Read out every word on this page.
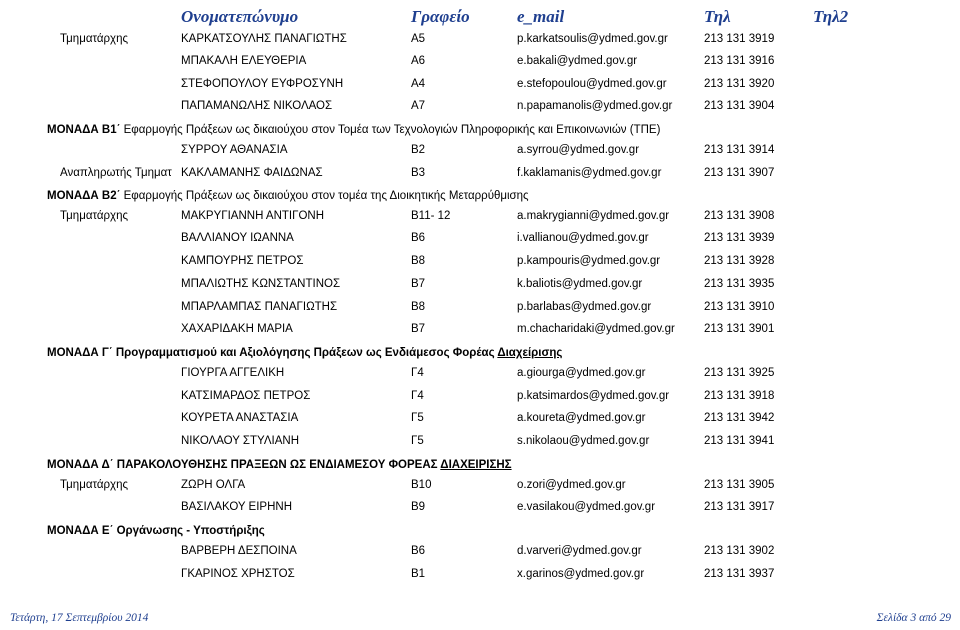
Ονοματεπώνυμο	Γραφείο	e_mail	Τηλ	Τηλ2
Τμηματάρχης	ΚΑΡΚΑΤΣΟΥΛΗΣ ΠΑΝΑΓΙΩΤΗΣ	Α5	p.karkatsoulis@ydmed.gov.gr	213 131 3919
ΜΠΑΚΑΛΗ ΕΛΕΥΘΕΡΙΑ	Α6	e.bakali@ydmed.gov.gr	213 131 3916
ΣΤΕΦΟΠΟΥΛΟΥ ΕΥΦΡΟΣΥΝΗ	Α4	e.stefopoulou@ydmed.gov.gr	213 131 3920
ΠΑΠΑΜΑΝΩΛΗΣ ΝΙΚΟΛΑΟΣ	Α7	n.papamanolis@ydmed.gov.gr	213 131 3904
ΜΟΝΑΔΑ Β1΄ Εφαρμογής Πράξεων ως δικαιούχου στον Τομέα των Τεχνολογιών Πληροφορικής και Επικοινωνιών (ΤΠΕ)
ΣΥΡΡΟΥ ΑΘΑΝΑΣΙΑ	Β2	a.syrrou@ydmed.gov.gr	213 131 3914
Αναπληρωτής Τμηματ ΚΑΚΛΑΜΑΝΗΣ ΦΑΙΔΩΝΑΣ	Β3	f.kaklamanis@ydmed.gov.gr	213 131 3907
ΜΟΝΑΔΑ Β2΄ Εφαρμογής Πράξεων ως δικαιούχου στον τομέα της Διοικητικής Μεταρρύθμισης
Τμηματάρχης	ΜΑΚΡΥΓΙΑΝΝΗ ΑΝΤΙΓΟΝΗ	Β11- 12	a.makrygianni@ydmed.gov.gr	213 131 3908
ΒΑΛΛΙΑΝΟΥ ΙΩΑΝΝΑ	Β6	i.vallianou@ydmed.gov.gr	213 131 3939
ΚΑΜΠΟΥΡΗΣ ΠΕΤΡΟΣ	Β8	p.kampouris@ydmed.gov.gr	213 131 3928
ΜΠΑΛΙΩΤΗΣ ΚΩΝΣΤΑΝΤΙΝΟΣ	Β7	k.baliotis@ydmed.gov.gr	213 131 3935
ΜΠΑΡΛΑΜΠΑΣ ΠΑΝΑΓΙΩΤΗΣ	Β8	p.barlabas@ydmed.gov.gr	213 131 3910
ΧΑΧΑΡΙΔΑΚΗ ΜΑΡΙΑ	Β7	m.chacharidaki@ydmed.gov.gr	213 131 3901
ΜΟΝΑΔΑ Γ΄ Προγραμματισμού και Αξιολόγησης Πράξεων ως Ενδιάμεσος Φορέας Διαχείρισης
ΓΙΟΥΡΓΑ ΑΓΓΕΛΙΚΗ	Γ4	a.giourga@ydmed.gov.gr	213 131 3925
ΚΑΤΣΙΜΑΡΔΟΣ ΠΕΤΡΟΣ	Γ4	p.katsimardos@ydmed.gov.gr	213 131 3918
ΚΟΥΡΕΤΑ ΑΝΑΣΤΑΣΙΑ	Γ5	a.koureta@ydmed.gov.gr	213 131 3942
ΝΙΚΟΛΑΟΥ ΣΤΥΛΙΑΝΗ	Γ5	s.nikolaou@ydmed.gov.gr	213 131 3941
ΜΟΝΑΔΑ Δ΄ ΠΑΡΑΚΟΛΟΥΘΗΣΗΣ ΠΡΑΞΕΩΝ ΩΣ ΕΝΔΙΑΜΕΣΟΥ ΦΟΡΕΑΣ ΔΙΑΧΕΙΡΙΣΗΣ
Τμηματάρχης	ΖΩΡΗ ΟΛΓΑ	Β10	o.zori@ydmed.gov.gr	213 131 3905
ΒΑΣΙΛΑΚΟΥ ΕΙΡΗΝΗ	Β9	e.vasilakou@ydmed.gov.gr	213 131 3917
ΜΟΝΑΔΑ Ε΄ Οργάνωσης - Υποστήριξης
ΒΑΡΒΕΡΗ ΔΕΣΠΟΙΝΑ	Β6	d.varveri@ydmed.gov.gr	213 131 3902
ΓΚΑΡΙΝΟΣ ΧΡΗΣΤΟΣ	Β1	x.garinos@ydmed.gov.gr	213 131 3937
Τετάρτη, 17 Σεπτεμβρίου 2014	Σελίδα 3 από 29
